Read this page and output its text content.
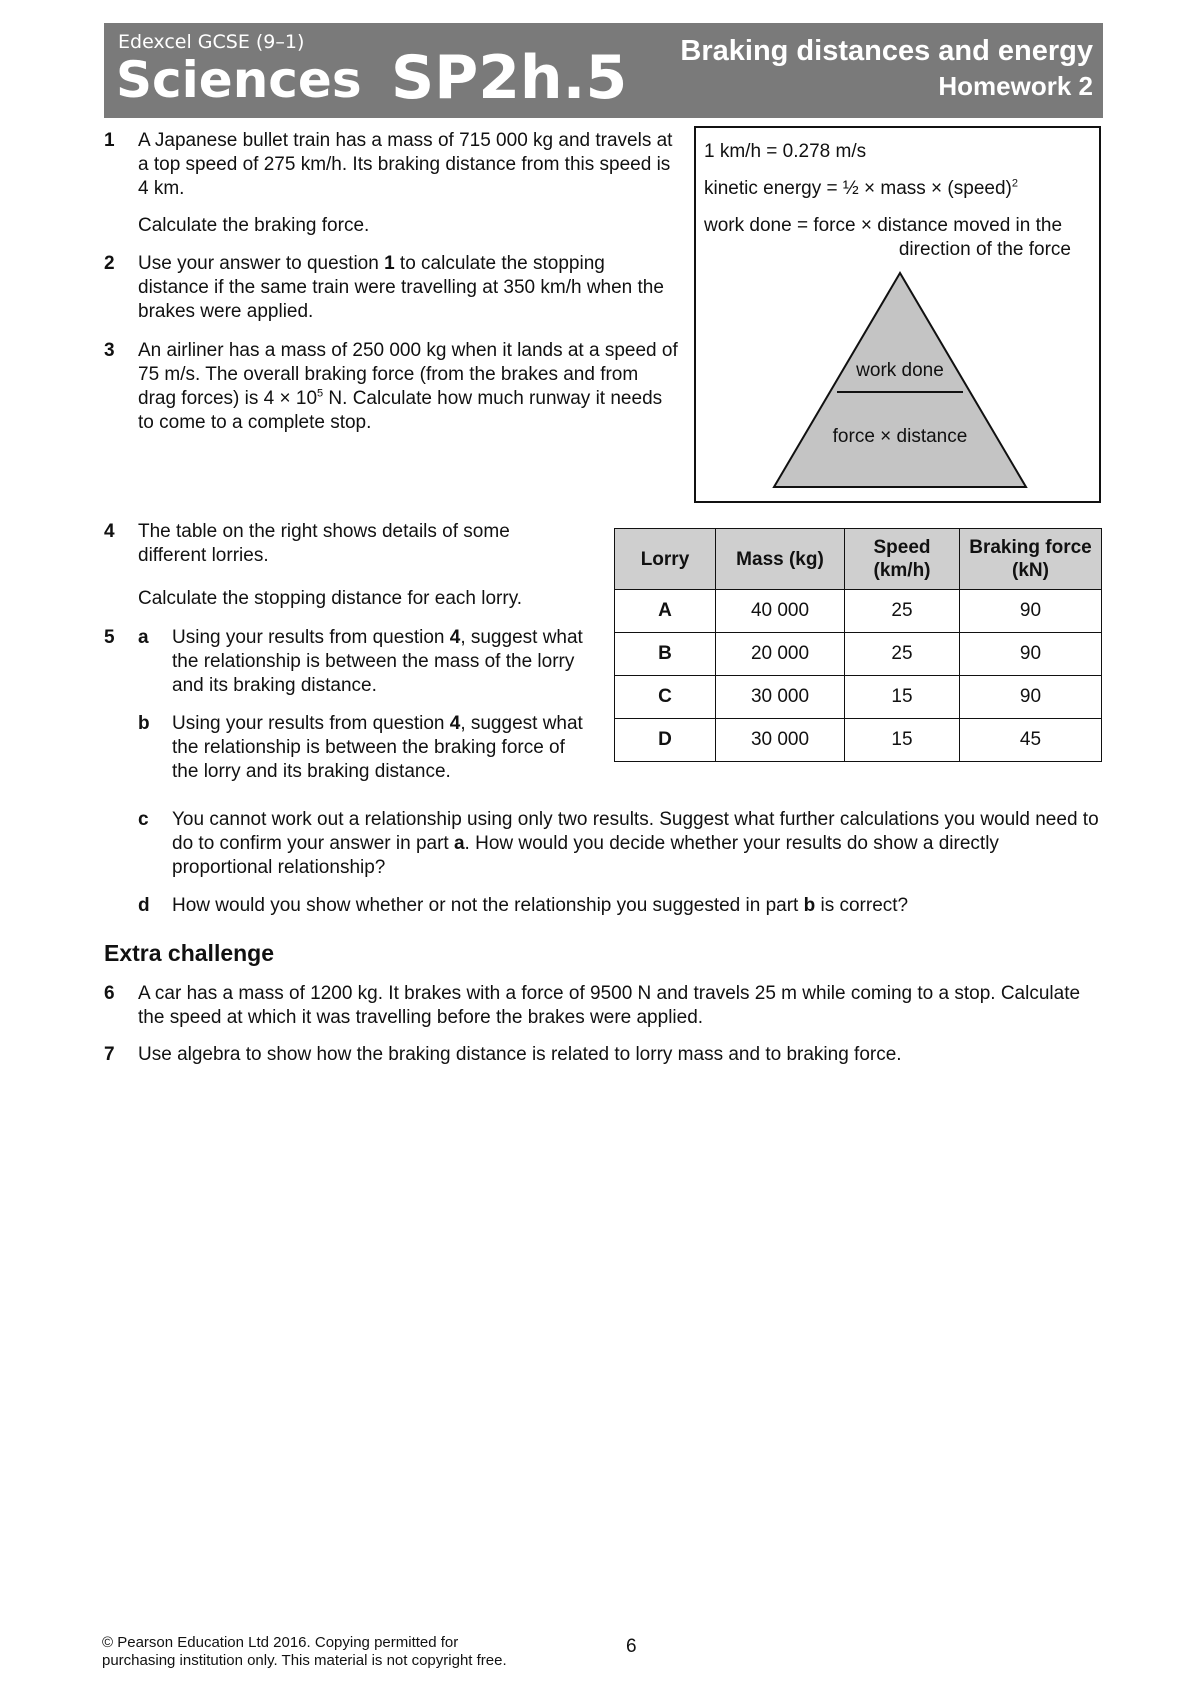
Edexcel GCSE (9–1)
Sciences SP2h.5 Braking distances and energy
Homework 2
1 A Japanese bullet train has a mass of 715 000 kg and travels at a top speed of 275 km/h. Its braking distance from this speed is 4 km.
Calculate the braking force.
2 Use your answer to question 1 to calculate the stopping distance if the same train were travelling at 350 km/h when the brakes were applied.
3 An airliner has a mass of 250 000 kg when it lands at a speed of 75 m/s. The overall braking force (from the brakes and from drag forces) is $4 \times 10^5$ N. Calculate how much runway it needs to come to a complete stop.
1 km/h = 0.278 m/s
kinetic energy = ½ × mass × (speed)$^2$
work done = force × distance moved in the
direction of the force
work done
force × distance
4 The table on the right shows details of some different lorries.
Calculate the stopping distance for each lorry.
5 a Using your results from question 4, suggest what the relationship is between the mass of the lorry and its braking distance.
b Using your results from question 4, suggest what the relationship is between the braking force of the lorry and its braking distance.
Lorry	Mass (kg)	Speed (km/h)	Braking force (kN)
A	40 000	25	90
B	20 000	25	90
C	30 000	15	90
D	30 000	15	45
c You cannot work out a relationship using only two results. Suggest what further calculations you would need to do to confirm your answer in part a. How would you decide whether your results do show a directly proportional relationship?
d How would you show whether or not the relationship you suggested in part b is correct?
Extra challenge
6 A car has a mass of 1200 kg. It brakes with a force of 9500 N and travels 25 m while coming to a stop. Calculate the speed at which it was travelling before the brakes were applied.
7 Use algebra to show how the braking distance is related to lorry mass and to braking force.
© Pearson Education Ltd 2016. Copying permitted for
purchasing institution only. This material is not copyright free.
6
